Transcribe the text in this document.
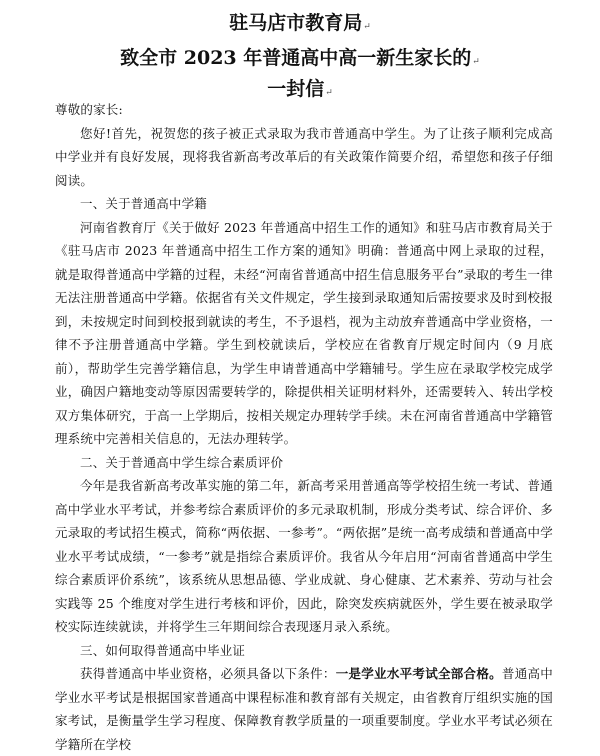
驻马店市教育局↵
致全市 2023 年普通高中高一新生家长的↵
一封信↵

尊敬的家长:

您好!首先，祝贺您的孩子被正式录取为我市普通高中学生。为了让孩子顺利完成高中学业并有良好发展，现将我省新高考改革后的有关政策作简要介绍，希望您和孩子仔细阅读。

一、关于普通高中学籍

河南省教育厅《关于做好 2023 年普通高中招生工作的通知》和驻马店市教育局关于《驻马店市 2023 年普通高中招生工作方案的通知》明确：普通高中网上录取的过程，就是取得普通高中学籍的过程，未经“河南省普通高中招生信息服务平台”录取的考生一律无法注册普通高中学籍。依据省有关文件规定，学生接到录取通知后需按要求及时到校报到，未按规定时间到校报到就读的考生，不予退档，视为主动放弃普通高中学业资格，一律不予注册普通高中学籍。学生到校就读后，学校应在省教育厅规定时间内（9 月底前），帮助学生完善学籍信息，为学生申请普通高中学籍辅号。学生应在录取学校完成学业，确因户籍地变动等原因需要转学的，除提供相关证明材料外，还需要转入、转出学校双方集体研究，于高一上学期后，按相关规定办理转学手续。未在河南省普通高中学籍管理系统中完善相关信息的，无法办理转学。

二、关于普通高中学生综合素质评价

今年是我省新高考改革实施的第二年，新高考采用普通高等学校招生统一考试、普通高中学业水平考试，并参考综合素质评价的多元录取机制，形成分类考试、综合评价、多元录取的考试招生模式，简称“两依据、一参考”。“两依据”是统一高考成绩和普通高中学业水平考试成绩，“一参考”就是指综合素质评价。我省从今年启用“河南省普通高中学生综合素质评价系统”，该系统从思想品德、学业成就、身心健康、艺术素养、劳动与社会实践等 25 个维度对学生进行考核和评价，因此，除突发疾病就医外，学生要在被录取学校实际连续就读，并将学生三年期间综合表现逐月录入系统。

三、如何取得普通高中毕业证

获得普通高中毕业资格，必须具备以下条件：一是学业水平考试全部合格。普通高中学业水平考试是根据国家普通高中课程标准和教育部有关规定，由省教育厅组织实施的国家考试，是衡量学生学习程度、保障教育教学质量的一项重要制度。学业水平考试必须在学籍所在学校
